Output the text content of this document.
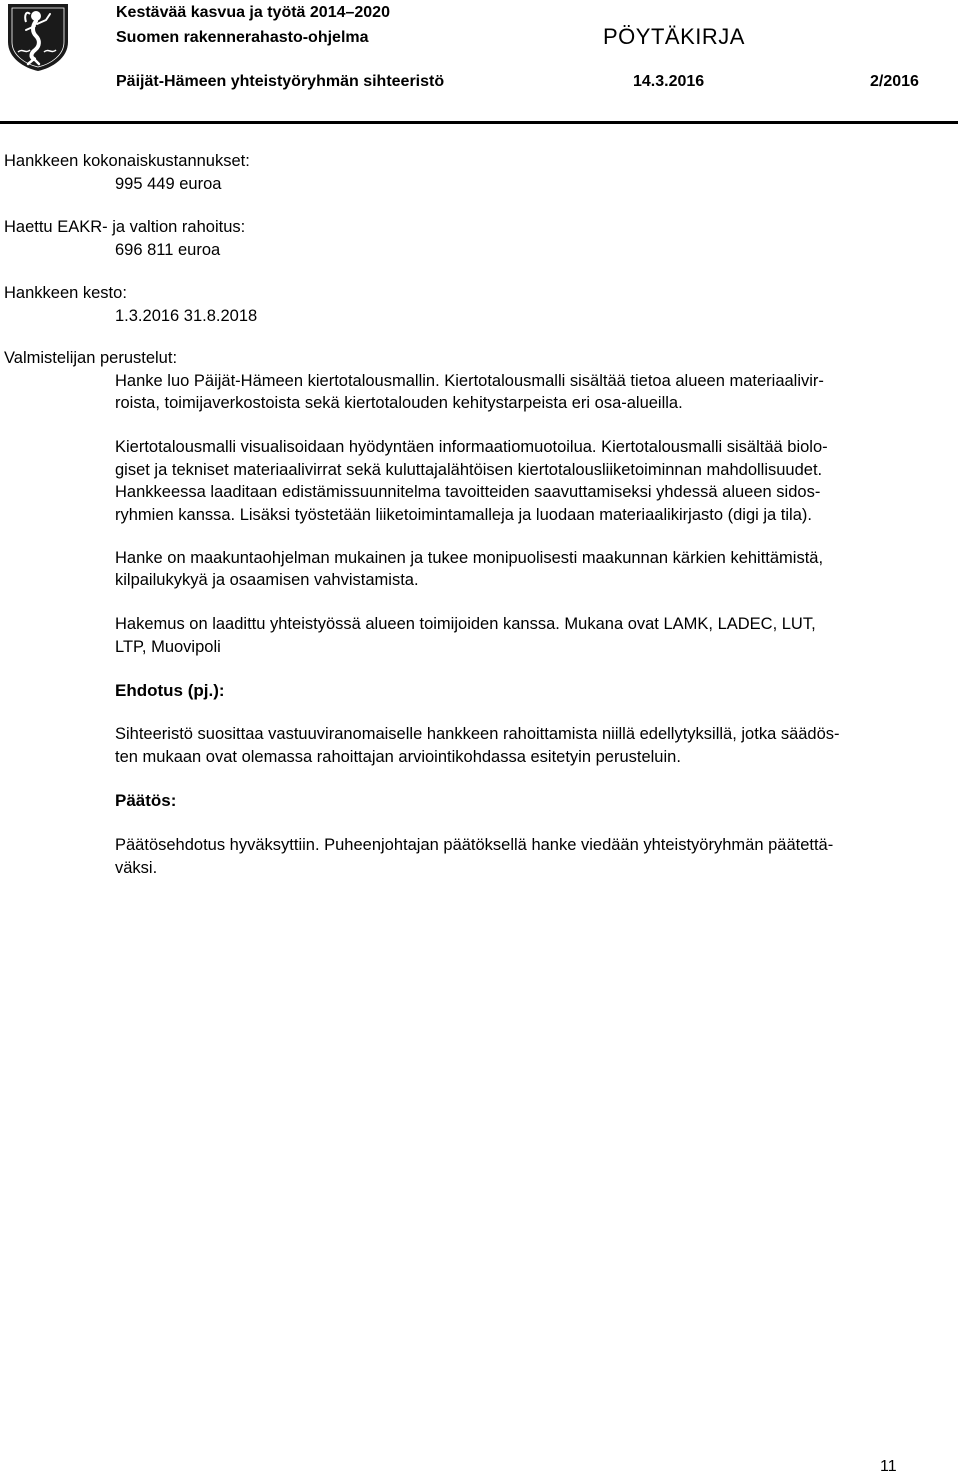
Kestävää kasvua ja työtä 2014–2020
Suomen rakennerahasto-ohjelma	PÖYTÄKIRJA
Päijät-Hämeen yhteistyöryhmän sihteeristö	14.3.2016	2/2016
Hankkeen kokonaiskustannukset:
995 449 euroa
Haettu EAKR- ja valtion rahoitus:
696 811 euroa
Hankkeen kesto:
1.3.2016 31.8.2018
Valmistelijan perustelut:
Hanke luo Päijät-Hämeen kiertotalousmallin. Kiertotalousmalli sisältää tietoa alueen materiaalivir-
roista, toimijaverkostoista sekä kiertotalouden kehitystarpeista eri osa-alueilla.
Kiertotalousmalli visualisoidaan hyödyntäen informaatiomuotoilua. Kiertotalousmalli sisältää biolo-
giset ja tekniset materiaalivirrat sekä kuluttajalähtöisen kiertotalousliiketoiminnan mahdollisuudet.
Hankkeessa laaditaan edistämissuunnitelma tavoitteiden saavuttamiseksi yhdessä alueen sidos-
ryhmien kanssa. Lisäksi työstetään liiketoimintamalleja ja luodaan materiaalikirjasto (digi ja tila).
Hanke on maakuntaohjelman mukainen ja tukee monipuolisesti maakunnan kärkien kehittämistä,
kilpailukykyä ja osaamisen vahvistamista.
Hakemus on laadittu yhteistyössä alueen toimijoiden kanssa. Mukana ovat LAMK, LADEC, LUT,
LTP, Muovipoli
Ehdotus (pj.):
Sihteeristö suosittaa vastuuviranomaiselle hankkeen rahoittamista niillä edellytyksillä, jotka säädös-
ten mukaan ovat olemassa rahoittajan arviointikohdassa esitetyin perusteluin.
Päätös:
Päätösehdotus hyväksyttiin. Puheenjohtajan päätöksellä hanke viedään yhteistyöryhmän päätettä-
väksi.
11
